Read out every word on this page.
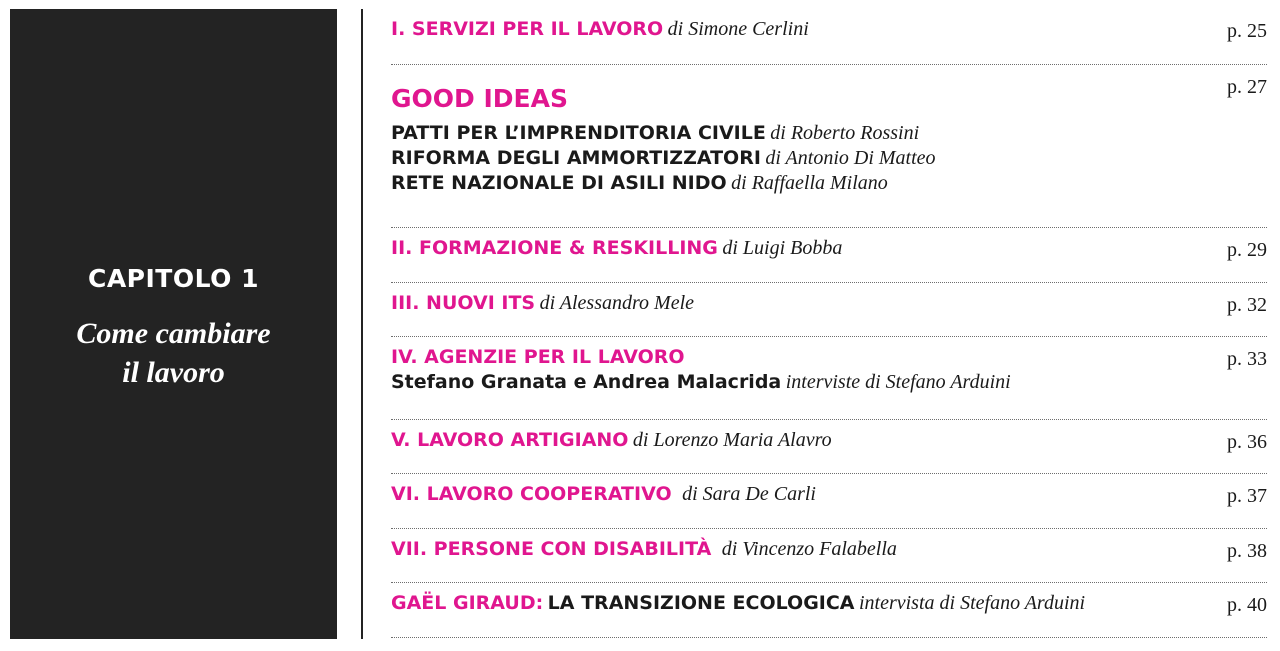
CAPITOLO 1
Come cambiare
il lavoro
I. SERVIZI PER IL LAVORO di Simone Cerlini	p. 25
GOOD IDEAS	p. 27
PATTI PER L’IMPRENDITORIA CIVILE di Roberto Rossini
RIFORMA DEGLI AMMORTIZZATORI di Antonio Di Matteo
RETE NAZIONALE DI ASILI NIDO di Raffaella Milano
II. FORMAZIONE & RESKILLING di Luigi Bobba	p. 29
III. NUOVI ITS di Alessandro Mele	p. 32
IV. AGENZIE PER IL LAVORO	p. 33
Stefano Granata e Andrea Malacrida interviste di Stefano Arduini
V. LAVORO ARTIGIANO di Lorenzo Maria Alavro	p. 36
VI. LAVORO COOPERATIVO di Sara De Carli	p. 37
VII. PERSONE CON DISABILITÀ di Vincenzo Falabella	p. 38
GAËL GIRAUD: LA TRANSIZIONE ECOLOGICA intervista di Stefano Arduini	p. 40
